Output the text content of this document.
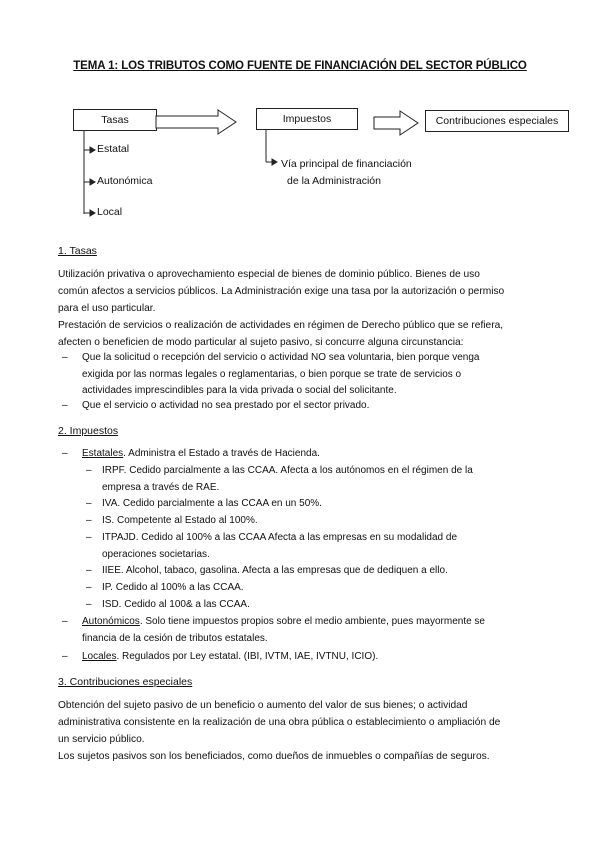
TEMA 1: LOS TRIBUTOS COMO FUENTE DE FINANCIACIÓN DEL SECTOR PÚBLICO
Tasas	Impuestos	Contribuciones especiales
Estatal
Autonómica
Local
Vía principal de financiación
de la Administración
1. Tasas
Utilización privativa o aprovechamiento especial de bienes de dominio público. Bienes de uso
común afectos a servicios públicos. La Administración exige una tasa por la autorización o permiso
para el uso particular.
Prestación de servicios o realización de actividades en régimen de Derecho público que se refiera,
afecten o beneficien de modo particular al sujeto pasivo, si concurre alguna circunstancia:
– Que la solicitud o recepción del servicio o actividad NO sea voluntaria, bien porque venga
exigida por las normas legales o reglamentarias, o bien porque se trate de servicios o
actividades imprescindibles para la vida privada o social del solicitante.
– Que el servicio o actividad no sea prestado por el sector privado.
2. Impuestos
– Estatales. Administra el Estado a través de Hacienda.
– IRPF. Cedido parcialmente a las CCAA. Afecta a los autónomos en el régimen de la
empresa a través de RAE.
– IVA. Cedido parcialmente a las CCAA en un 50%.
– IS. Competente al Estado al 100%.
– ITPAJD. Cedido al 100% a las CCAA Afecta a las empresas en su modalidad de
operaciones societarias.
– IIEE. Alcohol, tabaco, gasolina. Afecta a las empresas que de dediquen a ello.
– IP. Cedido al 100% a las CCAA.
– ISD. Cedido al 100& a las CCAA.
– Autonómicos. Solo tiene impuestos propios sobre el medio ambiente, pues mayormente se
financia de la cesión de tributos estatales.
– Locales. Regulados por Ley estatal. (IBI, IVTM, IAE, IVTNU, ICIO).
3. Contribuciones especiales
Obtención del sujeto pasivo de un beneficio o aumento del valor de sus bienes; o actividad
administrativa consistente en la realización de una obra pública o establecimiento o ampliación de
un servicio público.
Los sujetos pasivos son los beneficiados, como dueños de inmuebles o compañías de seguros.
